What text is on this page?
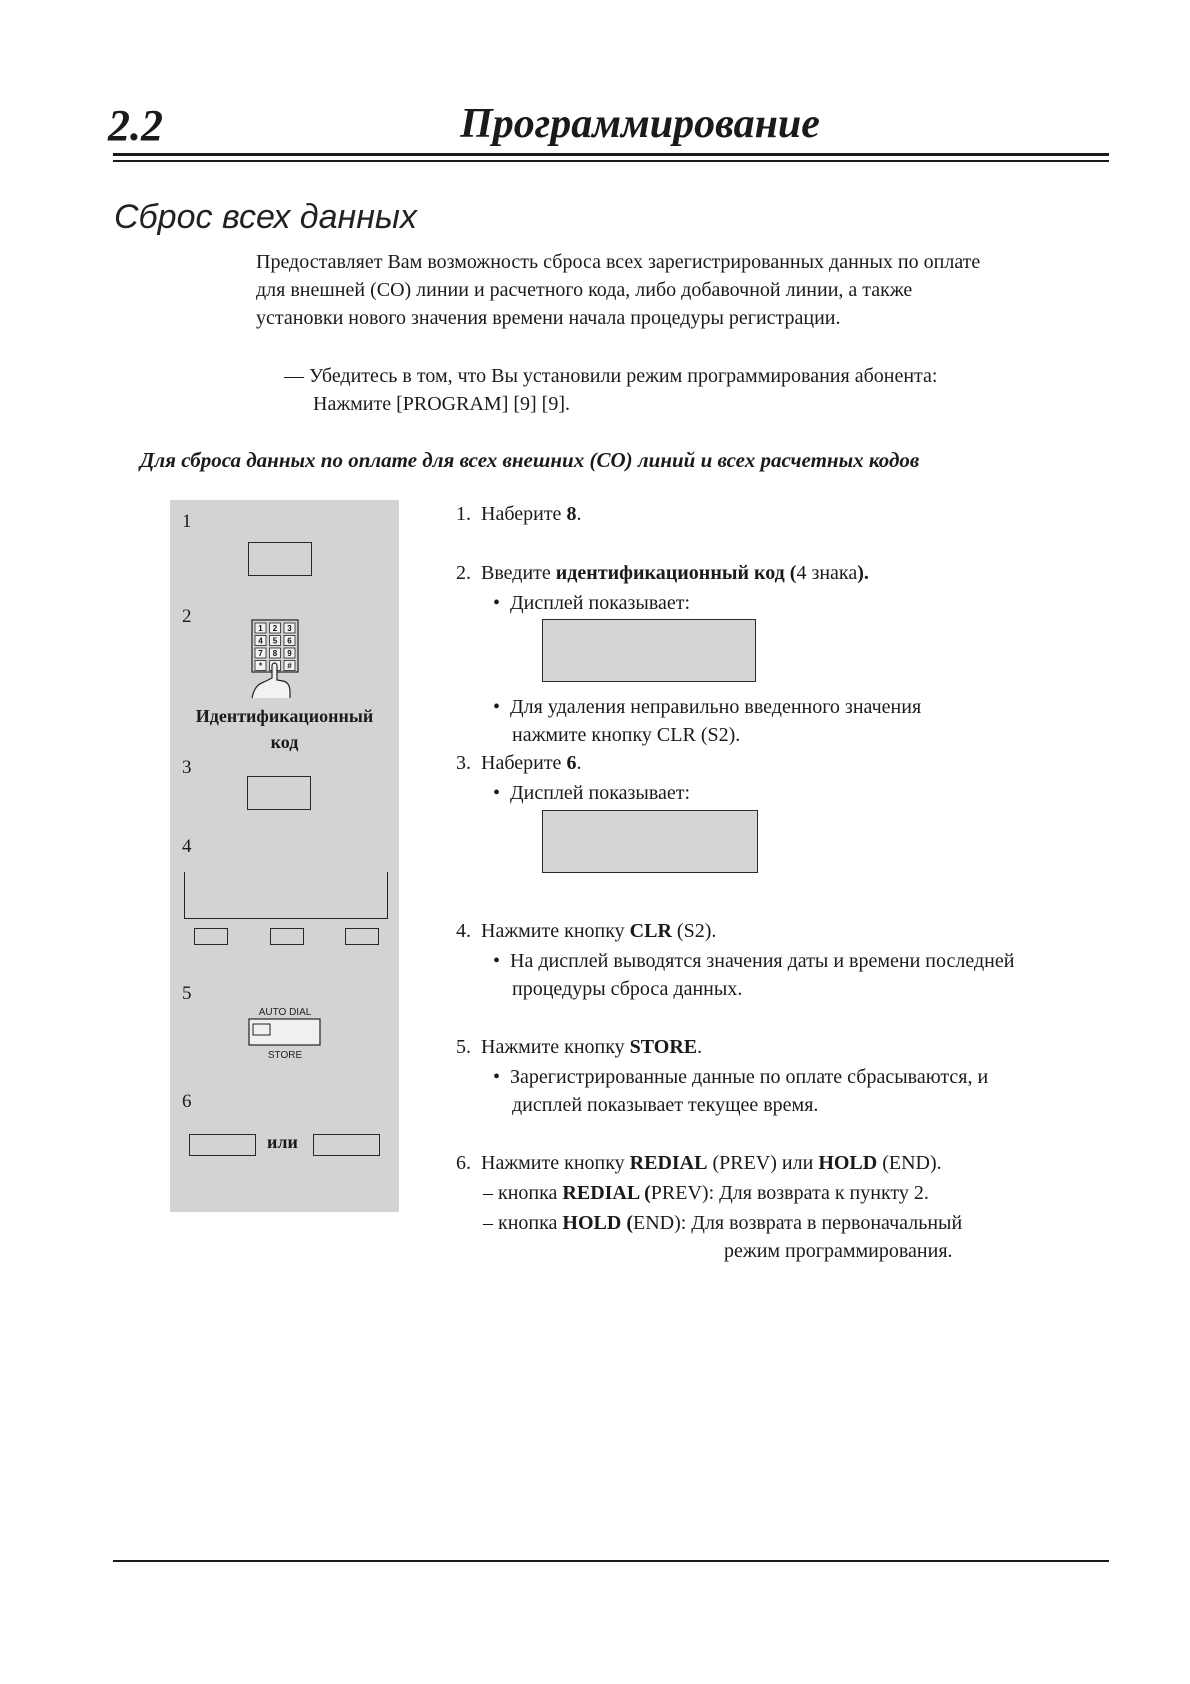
2.2	Программирование
Сброс всех данных
Предоставляет Вам возможность сброса всех зарегистрированных данных по оплате
для внешней (CO) линии и расчетного кода, либо добавочной линии, а также
установки нового значения времени начала процедуры регистрации.
— Убедитесь в том, что Вы установили режим программирования абонента:
Нажмите [PROGRAM] [9] [9].
Для сброса данных по оплате для всех внешних (CO) линий и всех расчетных кодов
1
2
1 2 3
4 5 6
7 8 9
*	#
Идентификационный
код
3
4
5
AUTO DIAL
STORE
6
или
1. Наберите 8.
2. Введите идентификационный код (4 знака).
• Дисплей показывает:
• Для удаления неправильно введенного значения
нажмите кнопку CLR (S2).
3. Наберите 6.
• Дисплей показывает:
4. Нажмите кнопку CLR (S2).
• На дисплей выводятся значения даты и времени последней
процедуры сброса данных.
5. Нажмите кнопку STORE.
• Зарегистрированные данные по оплате сбрасываются, и
дисплей показывает текущее время.
6. Нажмите кнопку REDIAL (PREV) или HOLD (END).
– кнопка REDIAL (PREV): Для возврата к пункту 2.
– кнопка HOLD (END): Для возврата в первоначальный
режим программирования.
